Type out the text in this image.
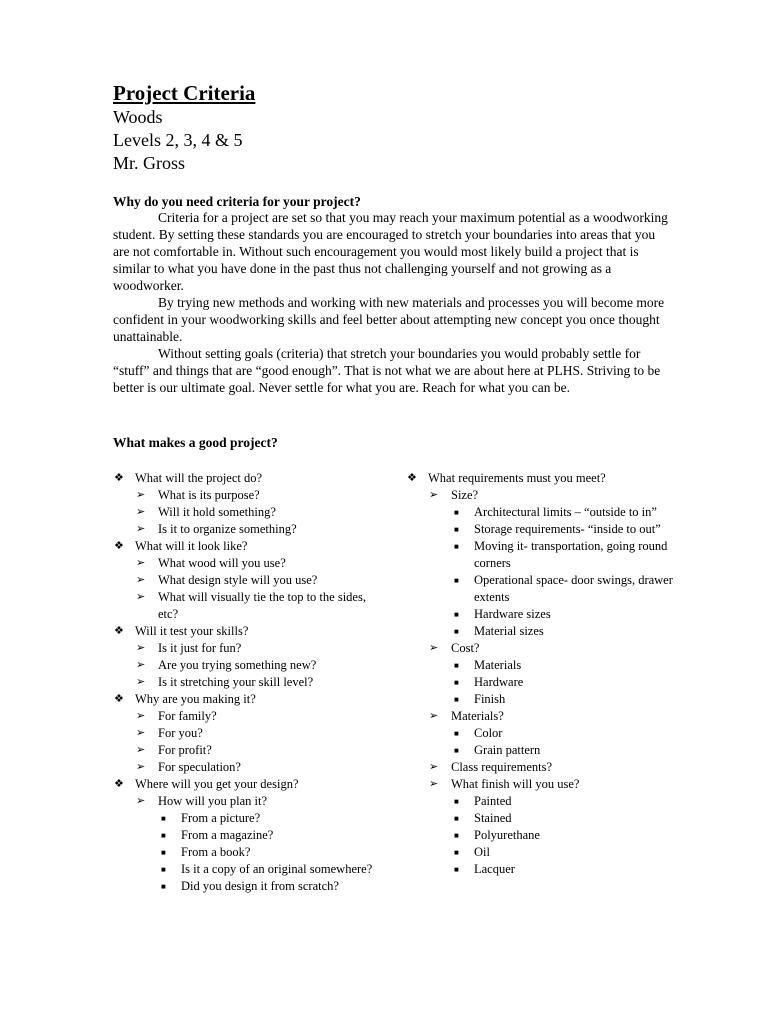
Project Criteria
Woods
Levels 2, 3, 4 & 5
Mr. Gross
Why do you need criteria for your project?

Criteria for a project are set so that you may reach your maximum potential as a woodworking student. By setting these standards you are encouraged to stretch your boundaries into areas that you are not comfortable in. Without such encouragement you would most likely build a project that is similar to what you have done in the past thus not challenging yourself and not growing as a woodworker.

By trying new methods and working with new materials and processes you will become more confident in your woodworking skills and feel better about attempting new concept you once thought unattainable.

Without setting goals (criteria) that stretch your boundaries you would probably settle for “stuff” and things that are “good enough”. That is not what we are about here at PLHS. Striving to be better is our ultimate goal. Never settle for what you are. Reach for what you can be.

What makes a good project?
❖ What will the project do?
➢ What is its purpose?
➢ Will it hold something?
➢ Is it to organize something?
❖ What will it look like?
➢ What wood will you use?
➢ What design style will you use?
➢ What will visually tie the top to the sides, etc?
❖ Will it test your skills?
➢ Is it just for fun?
➢ Are you trying something new?
➢ Is it stretching your skill level?
❖ Why are you making it?
➢ For family?
➢ For you?
➢ For profit?
➢ For speculation?
❖ Where will you get your design?
➢ How will you plan it?
■ From a picture?
■ From a magazine?
■ From a book?
■ Is it a copy of an original somewhere?
■ Did you design it from scratch?
❖ What requirements must you meet?
➢ Size?
■ Architectural limits – “outside to in”
■ Storage requirements- “inside to out”
■ Moving it- transportation, going round corners
■ Operational space- door swings, drawer extents
■ Hardware sizes
■ Material sizes
➢ Cost?
■ Materials
■ Hardware
■ Finish
➢ Materials?
■ Color
■ Grain pattern
➢ Class requirements?
➢ What finish will you use?
■ Painted
■ Stained
■ Polyurethane
■ Oil
■ Lacquer
